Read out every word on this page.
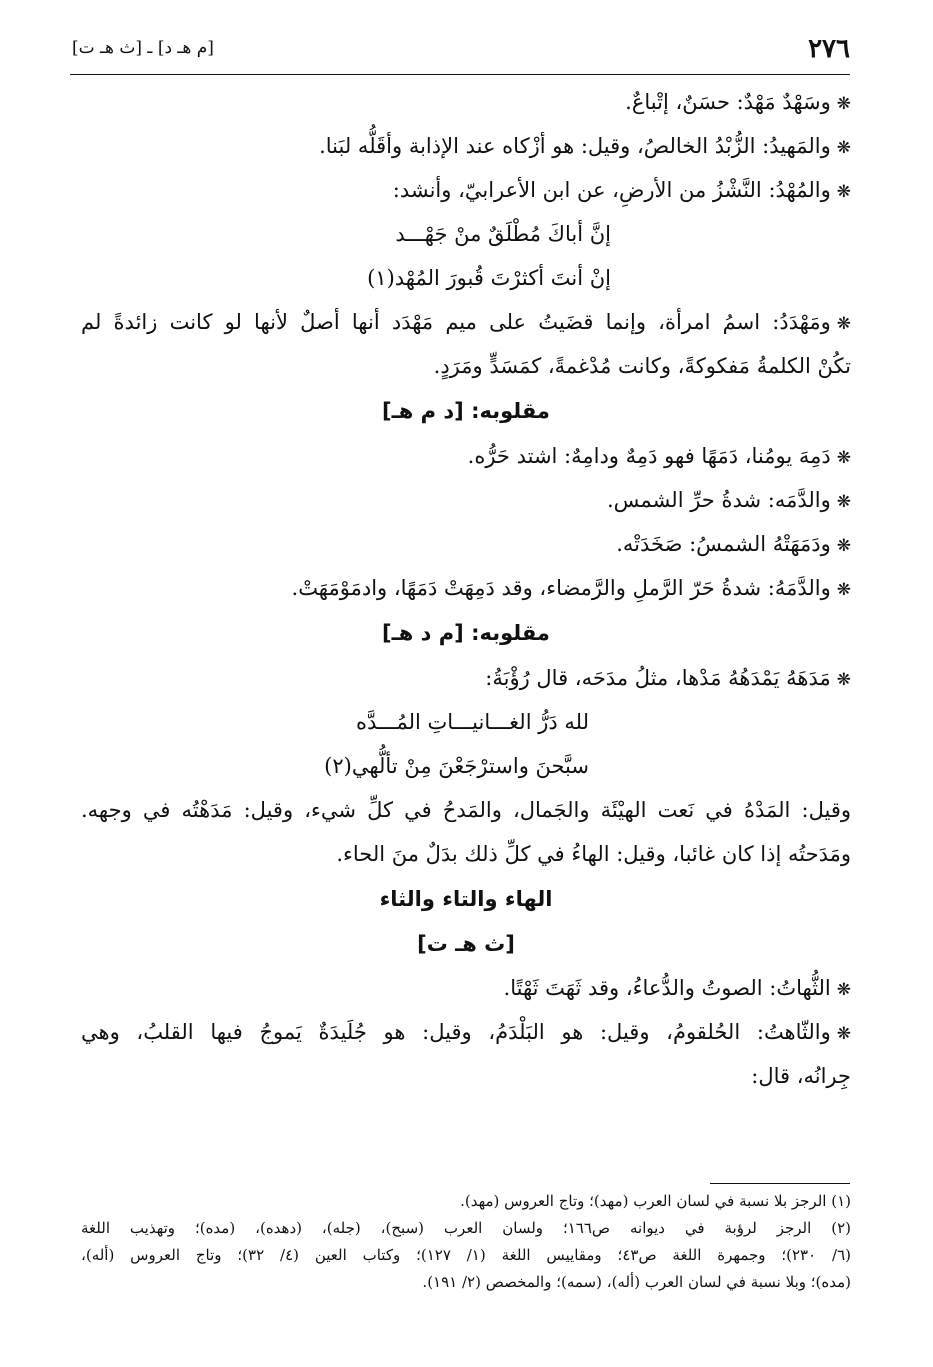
٢٧٦
[م هـ د] ـ [ث هـ ت]
❋وسَهْدٌ مَهْدٌ: حسَنٌ، إتْباعٌ.
❋والمَهيدُ: الزُّبْدُ الخالصُ، وقيل: هو أزْكاه عند الإذابة وأقَلُّه لبَنا.
❋والمُهْدُ: النَّشْزُ من الأرضِ، عن ابن الأعرابيّ، وأنشد:
إنَّ أباكَ مُطْلَقٌ منْ جَهْـــد
إنْ أنتَ أكثرْتَ قُبورَ المُهْد(١)
❋ومَهْدَدُ: اسمُ امرأة، وإنما قضَيتُ على ميم مَهْدَد أنها أصلٌ لأنها لو كانت زائدةً لم
تكُنْ الكلمةُ مَفكوكةً، وكانت مُدْغمةً، كمَسَدٍّ ومَرَدٍ.
مقلوبه: [د م هـ]
❋دَمِهَ يومُنا، دَمَهًا فهو دَمِهٌ ودامِهٌ: اشتد حَرُّه.
❋والدَّمَه: شدةُ حرِّ الشمس.
❋ودَمَهَتْهُ الشمسُ: صَخَدَتْه.
❋والدَّمَهُ: شدةُ حَرّ الرَّملِ والرَّمضاء، وقد دَمِهَتْ دَمَهًا، وادمَوْمَهَتْ.
مقلوبه: [م د هـ]
❋مَدَهَهُ يَمْدَهُهُ مَدْها، مثلُ مدَحَه، قال رُؤْبَةُ:
لله دَرُّ الغـــانيـــاتِ المُـــدَّه
سبَّحنَ واسترْجَعْنَ مِنْ تألُّهي(٢)
وقيل: المَدْهُ في نَعت الهيْئَة والجَمال، والمَدحُ في كلِّ شيء، وقيل: مَدَهْتُه في وجهه.
ومَدَحتُه إذا كان غائبا، وقيل: الهاءُ في كلِّ ذلك بدَلٌ منَ الحاء.
الهاء والتاء والثاء
[ث هـ ت]
❋الثُّهاتُ: الصوتُ والدُّعاءُ، وقد ثَهَتَ ثَهْتًا.
❋والثّاهتُ: الحُلقومُ، وقيل: هو البَلْدَمُ، وقيل: هو جُلَيدَةٌ يَموجُ فيها القلبُ، وهي
جِرانُه، قال:
(١) الرجز بلا نسبة في لسان العرب (مهد)؛ وتاج العروس (مهد).
(٢) الرجز لرؤبة في ديوانه ص١٦٦؛ ولسان العرب (سبح)، (جله)، (دهده)، (مده)؛ وتهذيب اللغة
(٦/ ٢٣٠)؛ وجمهرة اللغة ص٤٣؛ ومقاييس اللغة (١/ ١٢٧)؛ وكتاب العين (٤/ ٣٢)؛ وتاج العروس (أله)،
(مده)؛ وبلا نسبة في لسان العرب (أله)، (سمه)؛ والمخصص (٢/ ١٩١).
